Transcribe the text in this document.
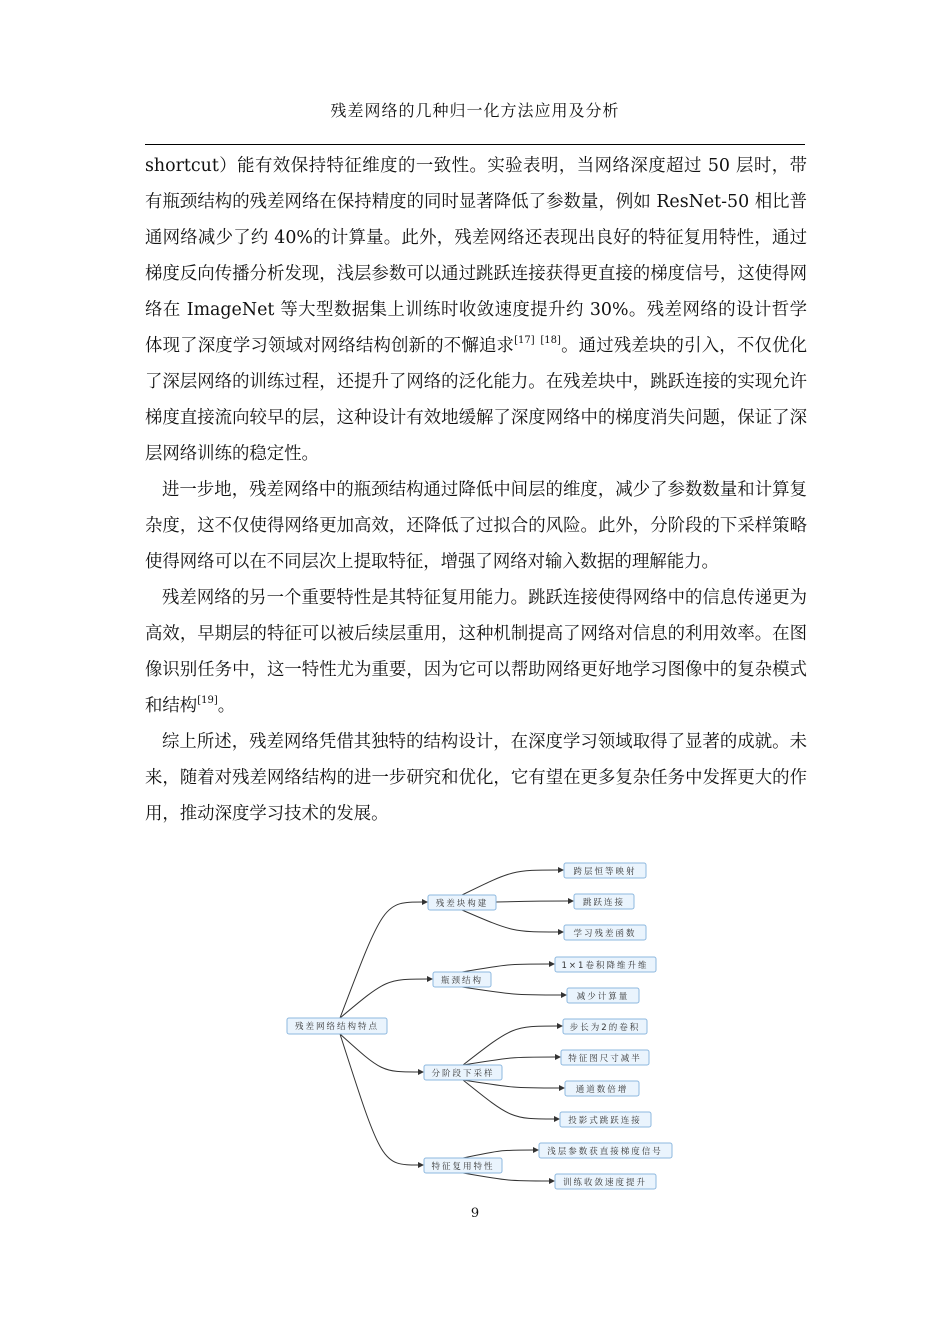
残差网络的几种归一化方法应用及分析

shortcut）能有效保持特征维度的一致性。实验表明，当网络深度超过 50 层时，带有瓶颈结构的残差网络在保持精度的同时显著降低了参数量，例如 ResNet-50 相比普通网络减少了约 40%的计算量。此外，残差网络还表现出良好的特征复用特性，通过梯度反向传播分析发现，浅层参数可以通过跳跃连接获得更直接的梯度信号，这使得网络在 ImageNet 等大型数据集上训练时收敛速度提升约 30%。残差网络的设计哲学体现了深度学习领域对网络结构创新的不懈追求[17] [18]。通过残差块的引入，不仅优化了深层网络的训练过程，还提升了网络的泛化能力。在残差块中，跳跃连接的实现允许梯度直接流向较早的层，这种设计有效地缓解了深度网络中的梯度消失问题，保证了深层网络训练的稳定性。

进一步地，残差网络中的瓶颈结构通过降低中间层的维度，减少了参数数量和计算复杂度，这不仅使得网络更加高效，还降低了过拟合的风险。此外，分阶段的下采样策略使得网络可以在不同层次上提取特征，增强了网络对输入数据的理解能力。

残差网络的另一个重要特性是其特征复用能力。跳跃连接使得网络中的信息传递更为高效，早期层的特征可以被后续层重用，这种机制提高了网络对信息的利用效率。在图像识别任务中，这一特性尤为重要，因为它可以帮助网络更好地学习图像中的复杂模式和结构[19]。

综上所述，残差网络凭借其独特的结构设计，在深度学习领域取得了显著的成就。未来，随着对残差网络结构的进一步研究和优化，它有望在更多复杂任务中发挥更大的作用，推动深度学习技术的发展。

残差网络结构特点
残差块构建
瓶颈结构
分阶段下采样
特征复用特性
跨层恒等映射
跳跃连接
学习残差函数
1×1卷积降维升维
减少计算量
步长为2的卷积
特征图尺寸减半
通道数倍增
投影式跳跃连接
浅层参数获直接梯度信号
训练收敛速度提升
9
